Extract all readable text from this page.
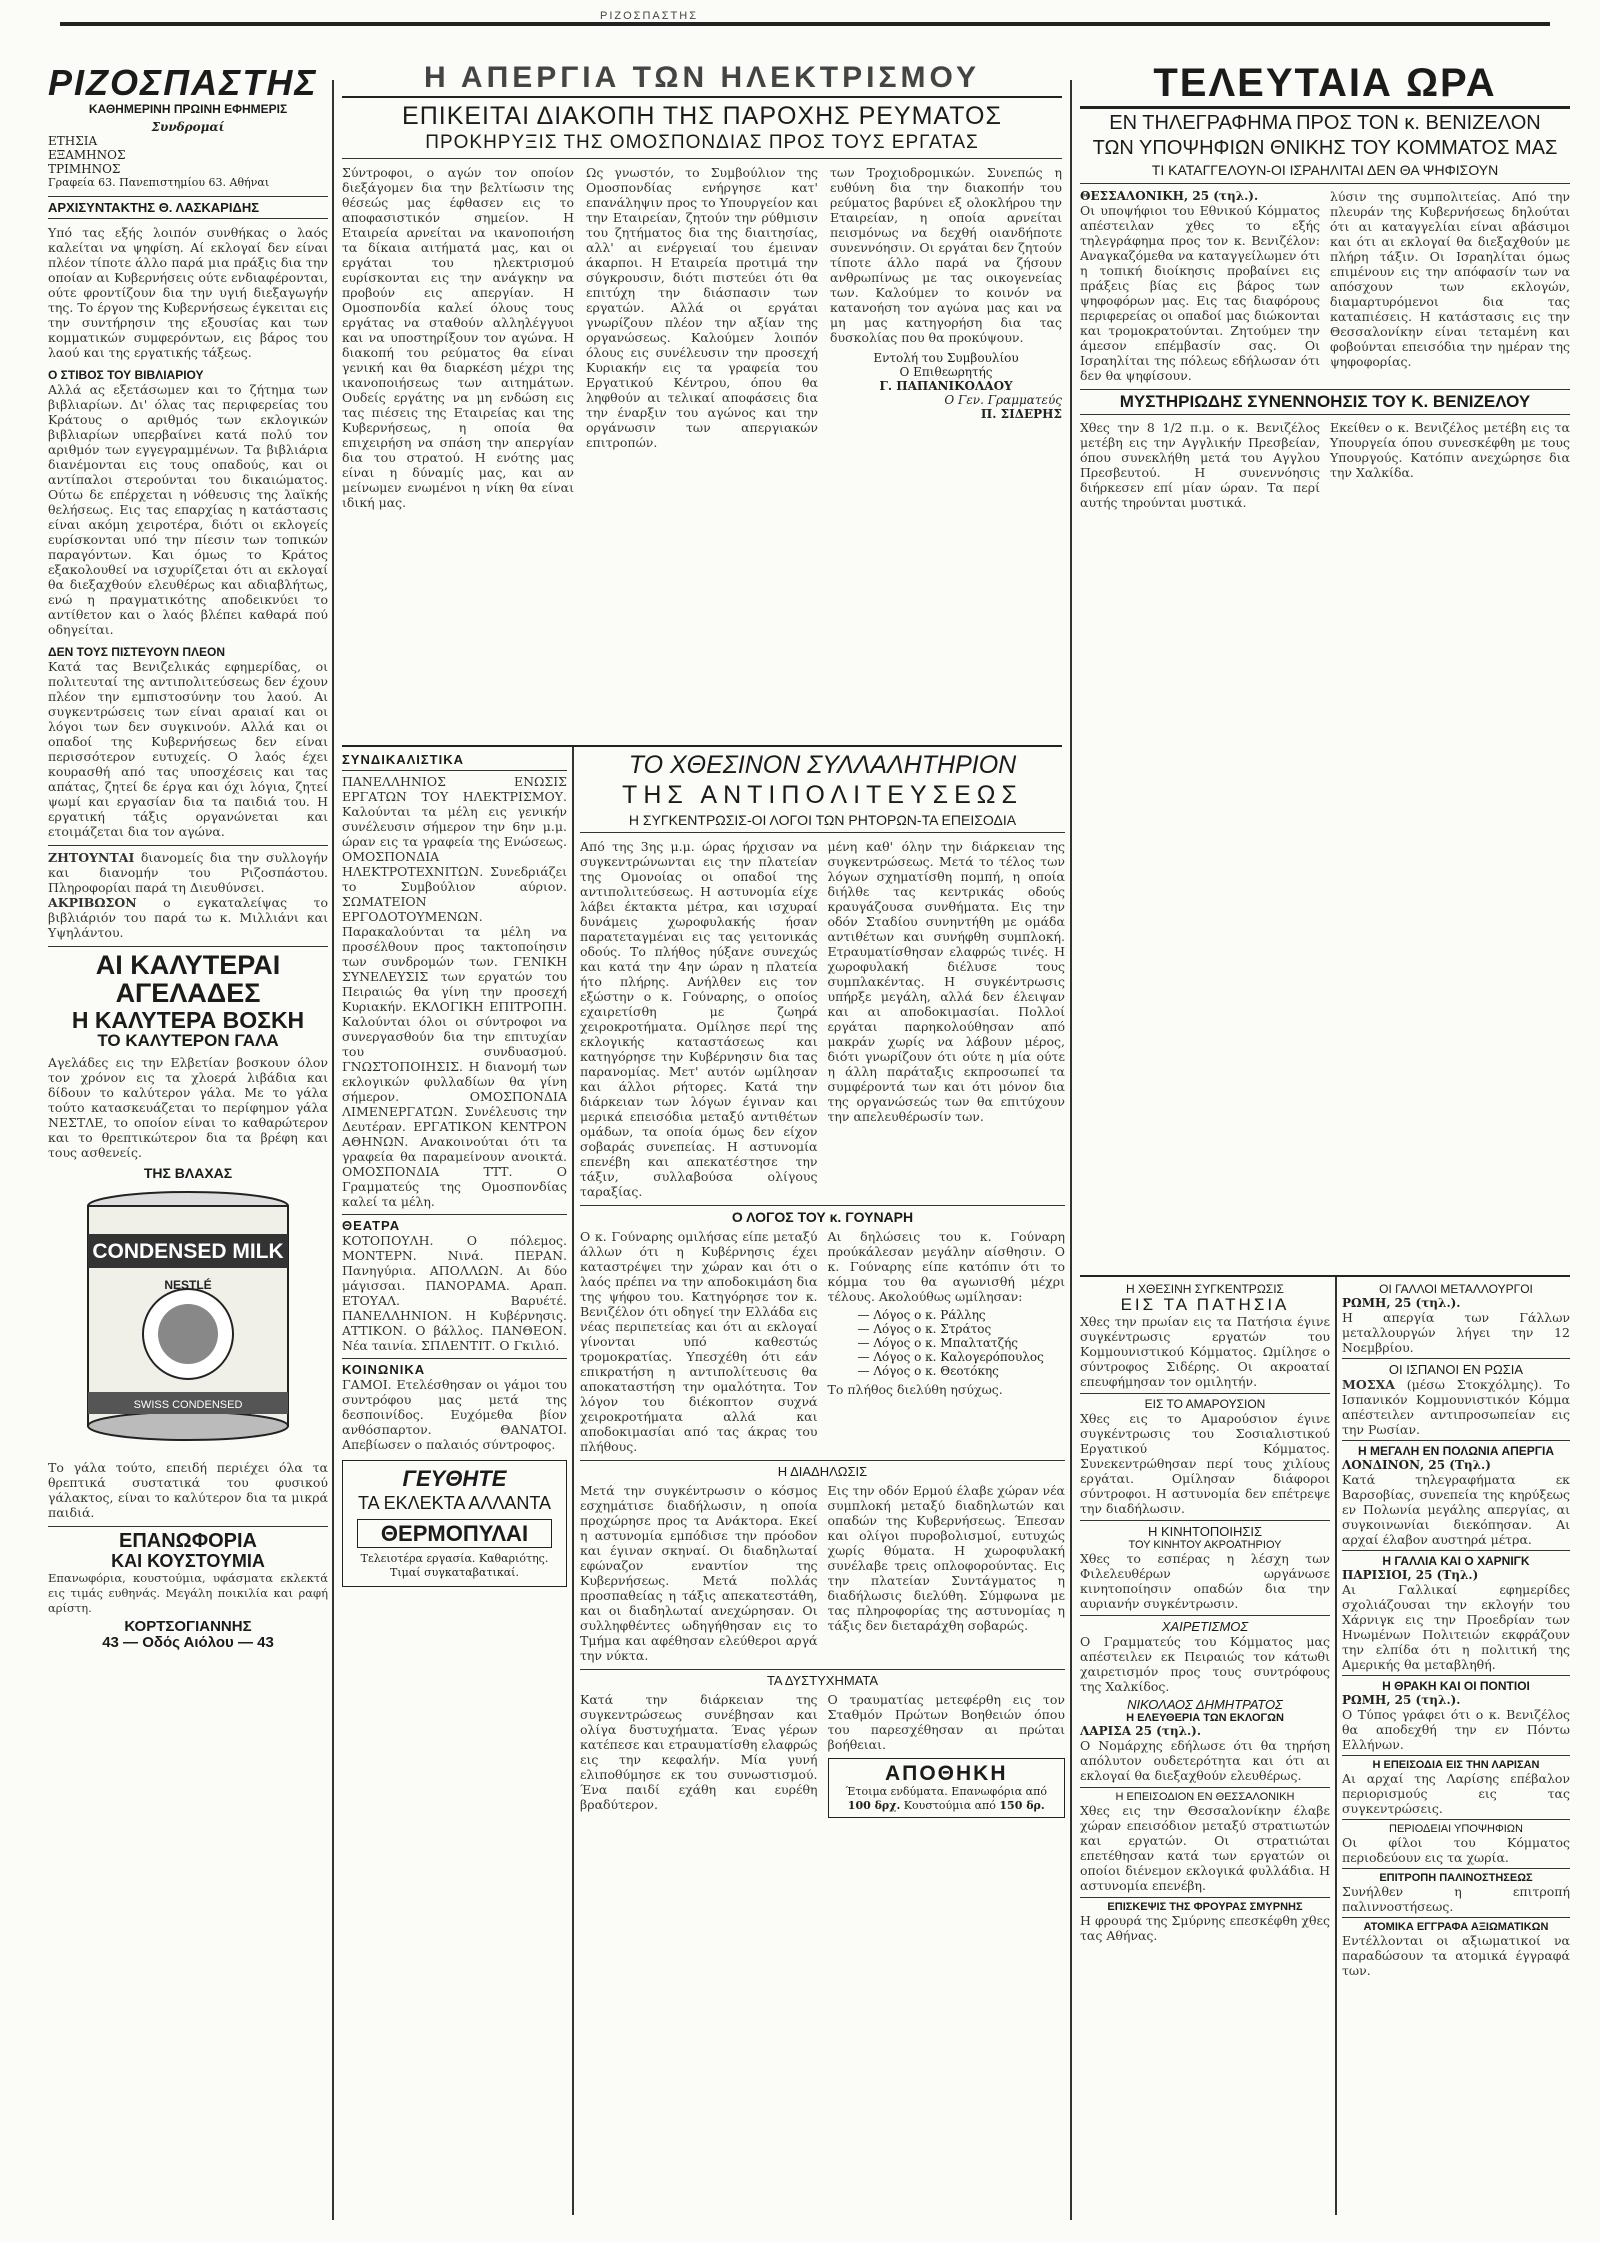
ΡΙΖΟΣΠΑΣΤΗΣ
ΡΙΖΟΣΠΑΣΤΗΣ
ΚΑΘΗΜΕΡΙΝΗ ΠΡΩΙΝΗ ΕΦΗΜΕΡΙΣ
Συνδρομαί
ΕΤΗΣΙΑ
ΕΞΑΜΗΝΟΣ
ΤΡΙΜΗΝΟΣ
Γραφεία 63. Πανεπιστημίου 63. Αθήναι
ΑΡΧΙΣΥΝΤΑΚΤΗΣ Θ. ΛΑΣΚΑΡΙΔΗΣ

Υπό τας εξής λοιπόν συνθήκας ο λαός καλείται να ψηφίση. Αί εκλογαί δεν είναι πλέον τίποτε άλλο παρά μια πράξις δια την οποίαν αι Κυβερνήσεις ούτε ενδιαφέρονται, ούτε φροντίζουν δια την υγιή διεξαγωγήν της. Το έργον της Κυβερνήσεως έγκειται εις την συντήρησιν της εξουσίας και των κομματικών συμφερόντων, εις βάρος του λαού και της εργατικής τάξεως.

Ο ΣΤΙΒΟΣ ΤΟΥ ΒΙΒΛΙΑΡΙΟΥ

Αλλά ας εξετάσωμεν και το ζήτημα των βιβλιαρίων. Δι' όλας τας περιφερείας του Κράτους ο αριθμός των εκλογικών βιβλιαρίων υπερβαίνει κατά πολύ τον αριθμόν των εγγεγραμμένων. Τα βιβλιάρια διανέμονται εις τους οπαδούς, και οι αντίπαλοι στερούνται του δικαιώματος. Ούτω δε επέρχεται η νόθευσις της λαϊκής θελήσεως. Εις τας επαρχίας η κατάστασις είναι ακόμη χειροτέρα, διότι οι εκλογείς ευρίσκονται υπό την πίεσιν των τοπικών παραγόντων. Και όμως το Κράτος εξακολουθεί να ισχυρίζεται ότι αι εκλογαί θα διεξαχθούν ελευθέρως και αδιαβλήτως, ενώ η πραγματικότης αποδεικνύει το αντίθετον και ο λαός βλέπει καθαρά πού οδηγείται.

ΔΕΝ ΤΟΥΣ ΠΙΣΤΕΥΟΥΝ ΠΛΕΟΝ

Κατά τας Βενιζελικάς εφημερίδας, οι πολιτευταί της αντιπολιτεύσεως δεν έχουν πλέον την εμπιστοσύνην του λαού. Αι συγκεντρώσεις των είναι αραιαί και οι λόγοι των δεν συγκινούν. Αλλά και οι οπαδοί της Κυβερνήσεως δεν είναι περισσότερον ευτυχείς. Ο λαός έχει κουρασθή από τας υποσχέσεις και τας απάτας, ζητεί δε έργα και όχι λόγια, ζητεί ψωμί και εργασίαν δια τα παιδιά του. Η εργατική τάξις οργανώνεται και ετοιμάζεται δια τον αγώνα.

ΖΗΤΟΥΝΤΑΙ διανομείς δια την συλλογήν και διανομήν του Ριζοσπάστου. Πληροφορίαι παρά τη Διευθύνσει.

ΑΚΡΙΒΩΣΟΝ ο εγκαταλείψας το βιβλιάριόν του παρά τω κ. Μιλλιάνι και Υψηλάντου.

ΑΙ ΚΑΛΥΤΕΡΑΙ ΑΓΕΛΑΔΕΣ
Η ΚΑΛΥΤΕΡΑ ΒΟΣΚΗ
ΤΟ ΚΑΛΥΤΕΡΟΝ ΓΑΛΑ

Αγελάδες εις την Ελβετίαν βοσκουν όλον τον χρόνον εις τα χλοερά λιβάδια και δίδουν το καλύτερον γάλα. Με το γάλα τούτο κατασκευάζεται το περίφημον γάλα ΝΕΣΤΛΕ, το οποίον είναι το καθαρώτερον και το θρεπτικώτερον δια τα βρέφη και τους ασθενείς.

ΤΗΣ ΒΛΑΧΑΣ
CONDENSED MILK
NESTLÉ
SWISS CONDENSED

Το γάλα τούτο, επειδή περιέχει όλα τα θρεπτικά συστατικά του φυσικού γάλακτος, είναι το καλύτερον δια τα μικρά παιδιά.

ΕΠΑΝΩΦΟΡΙΑ
ΚΑΙ ΚΟΥΣΤΟΥΜΙΑ

Επανωφόρια, κουστούμια, υφάσματα εκλεκτά εις τιμάς ευθηνάς. Μεγάλη ποικιλία και ραφή αρίστη.

ΚΟΡΤΣΟΓΙΑΝΝΗΣ
43 — Οδός Αιόλου — 43
Η ΑΠΕΡΓΙΑ ΤΩΝ ΗΛΕΚΤΡΙΣΜΟΥ
ΕΠΙΚΕΙΤΑΙ ΔΙΑΚΟΠΗ ΤΗΣ ΠΑΡΟΧΗΣ ΡΕΥΜΑΤΟΣ
ΠΡΟΚΗΡΥΞΙΣ ΤΗΣ ΟΜΟΣΠΟΝΔΙΑΣ ΠΡΟΣ ΤΟΥΣ ΕΡΓΑΤΑΣ

Σύντροφοι, ο αγών τον οποίον διεξάγομεν δια την βελτίωσιν της θέσεώς μας έφθασεν εις το αποφασιστικόν σημείον. Η Εταιρεία αρνείται να ικανοποιήση τα δίκαια αιτήματά μας, και οι εργάται του ηλεκτρισμού ευρίσκονται εις την ανάγκην να προβούν εις απεργίαν. Η Ομοσπονδία καλεί όλους τους εργάτας να σταθούν αλληλέγγυοι και να υποστηρίξουν τον αγώνα. Η διακοπή του ρεύματος θα είναι γενική και θα διαρκέση μέχρι της ικανοποιήσεως των αιτημάτων. Ουδείς εργάτης να μη ενδώση εις τας πιέσεις της Εταιρείας και της Κυβερνήσεως, η οποία θα επιχειρήση να σπάση την απεργίαν δια του στρατού. Η ενότης μας είναι η δύναμίς μας, και αν μείνωμεν ενωμένοι η νίκη θα είναι ιδική μας.

Ως γνωστόν, το Συμβούλιον της Ομοσπονδίας ενήργησε κατ' επανάληψιν προς το Υπουργείον και την Εταιρείαν, ζητούν την ρύθμισιν του ζητήματος δια της διαιτησίας, αλλ' αι ενέργειαί του έμειναν άκαρποι. Η Εταιρεία προτιμά την σύγκρουσιν, διότι πιστεύει ότι θα επιτύχη την διάσπασιν των εργατών. Αλλά οι εργάται γνωρίζουν πλέον την αξίαν της οργανώσεως. Καλούμεν λοιπόν όλους εις συνέλευσιν την προσεχή Κυριακήν εις τα γραφεία του Εργατικού Κέντρου, όπου θα ληφθούν αι τελικαί αποφάσεις δια την έναρξιν του αγώνος και την οργάνωσιν των απεργιακών επιτροπών.

των Τροχιοδρομικών. Συνεπώς η ευθύνη δια την διακοπήν του ρεύματος βαρύνει εξ ολοκλήρου την Εταιρείαν, η οποία αρνείται πεισμόνως να δεχθή οιανδήποτε συνεννόησιν. Οι εργάται δεν ζητούν τίποτε άλλο παρά να ζήσουν ανθρωπίνως με τας οικογενείας των. Καλούμεν το κοινόν να κατανοήση τον αγώνα μας και να μη μας κατηγορήση δια τας δυσκολίας που θα προκύψουν.

Εντολή του Συμβουλίου

Ο Επιθεωρητής

Γ. ΠΑΠΑΝΙΚΟΛΑΟΥ

Ο Γεν. Γραμματεύς

Π. ΣΙΔΕΡΗΣ

ΣΥΝΔΙΚΑΛΙΣΤΙΚΑ

ΠΑΝΕΛΛΗΝΙΟΣ ΕΝΩΣΙΣ ΕΡΓΑΤΩΝ ΤΟΥ ΗΛΕΚΤΡΙΣΜΟΥ. Καλούνται τα μέλη εις γενικήν συνέλευσιν σήμερον την 6ην μ.μ. ώραν εις τα γραφεία της Ενώσεως. ΟΜΟΣΠΟΝΔΙΑ ΗΛΕΚΤΡΟΤΕΧΝΙΤΩΝ. Συνεδριάζει το Συμβούλιον αύριον. ΣΩΜΑΤΕΙΟΝ ΕΡΓΟΔΟΤΟΥΜΕΝΩΝ. Παρακαλούνται τα μέλη να προσέλθουν προς τακτοποίησιν των συνδρομών των. ΓΕΝΙΚΗ ΣΥΝΕΛΕΥΣΙΣ των εργατών του Πειραιώς θα γίνη την προσεχή Κυριακήν. ΕΚΛΟΓΙΚΗ ΕΠΙΤΡΟΠΗ. Καλούνται όλοι οι σύντροφοι να συνεργασθούν δια την επιτυχίαν του συνδυασμού. ΓΝΩΣΤΟΠΟΙΗΣΙΣ. Η διανομή των εκλογικών φυλλαδίων θα γίνη σήμερον. ΟΜΟΣΠΟΝΔΙΑ ΛΙΜΕΝΕΡΓΑΤΩΝ. Συνέλευσις την Δευτέραν. ΕΡΓΑΤΙΚΟΝ ΚΕΝΤΡΟΝ ΑΘΗΝΩΝ. Ανακοινούται ότι τα γραφεία θα παραμείνουν ανοικτά. ΟΜΟΣΠΟΝΔΙΑ ΤΤΤ. Ο Γραμματεύς της Ομοσπονδίας καλεί τα μέλη.

ΘΕΑΤΡΑ

ΚΟΤΟΠΟΥΛΗ. Ο πόλεμος. ΜΟΝΤΕΡΝ. Νινά. ΠΕΡΑΝ. Πανηγύρια. ΑΠΟΛΛΩΝ. Αι δύο μάγισσαι. ΠΑΝΟΡΑΜΑ. Αραπ. ΕΤΟΥΑΛ. Βαρυέτέ. ΠΑΝΕΛΛΗΝΙΟΝ. Η Κυβέρνησις. ΑΤΤΙΚΟΝ. Ο βάλλος. ΠΑΝΘΕΟΝ. Νέα ταινία. ΣΠΛΕΝΤΙΤ. Ο Γκιλιό.

ΚΟΙΝΩΝΙΚΑ

ΓΑΜΟΙ. Ετελέσθησαν οι γάμοι του συντρόφου μας μετά της δεσποινίδος. Ευχόμεθα βίον ανθόσπαρτον. ΘΑΝΑΤΟΙ. Απεβίωσεν ο παλαιός σύντροφος.

ΓΕΥΘΗΤΕ
ΤΑ ΕΚΛΕΚΤΑ ΑΛΛΑΝΤΑ
ΘΕΡΜΟΠΥΛΑΙ

Τελειοτέρα εργασία. Καθαριότης. Τιμαί συγκαταβατικαί.

ΤΟ ΧΘΕΣΙΝΟΝ ΣΥΛΛΑΛΗΤΗΡΙΟΝ
ΤΗΣ ΑΝΤΙΠΟΛΙΤΕΥΣΕΩΣ
Η ΣΥΓΚΕΝΤΡΩΣΙΣ-ΟΙ ΛΟΓΟΙ ΤΩΝ ΡΗΤΟΡΩΝ-ΤΑ ΕΠΕΙΣΟΔΙΑ

Από της 3ης μ.μ. ώρας ήρχισαν να συγκεντρώνωνται εις την πλατείαν της Ομονοίας οι οπαδοί της αντιπολιτεύσεως. Η αστυνομία είχε λάβει έκτακτα μέτρα, και ισχυραί δυνάμεις χωροφυλακής ήσαν παρατεταγμέναι εις τας γειτονικάς οδούς. Το πλήθος ηύξανε συνεχώς και κατά την 4ην ώραν η πλατεία ήτο πλήρης. Ανήλθεν εις τον εξώστην ο κ. Γούναρης, ο οποίος εχαιρετίσθη με ζωηρά χειροκροτήματα. Ομίλησε περί της εκλογικής καταστάσεως και κατηγόρησε την Κυβέρνησιν δια τας παρανομίας. Μετ' αυτόν ωμίλησαν και άλλοι ρήτορες. Κατά την διάρκειαν των λόγων έγιναν και μερικά επεισόδια μεταξύ αντιθέτων ομάδων, τα οποία όμως δεν είχον σοβαράς συνεπείας. Η αστυνομία επενέβη και απεκατέστησε την τάξιν, συλλαβούσα ολίγους ταραξίας.

μένη καθ' όλην την διάρκειαν της συγκεντρώσεως. Μετά το τέλος των λόγων σχηματίσθη πομπή, η οποία διήλθε τας κεντρικάς οδούς κραυγάζουσα συνθήματα. Εις την οδόν Σταδίου συνηντήθη με ομάδα αντιθέτων και συνήφθη συμπλοκή. Ετραυματίσθησαν ελαφρώς τινές. Η χωροφυλακή διέλυσε τους συμπλακέντας. Η συγκέντρωσις υπήρξε μεγάλη, αλλά δεν έλειψαν και αι αποδοκιμασίαι. Πολλοί εργάται παρηκολούθησαν από μακράν χωρίς να λάβουν μέρος, διότι γνωρίζουν ότι ούτε η μία ούτε η άλλη παράταξις εκπροσωπεί τα συμφέροντά των και ότι μόνον δια της οργανώσεώς των θα επιτύχουν την απελευθέρωσίν των.

Ο ΛΟΓΟΣ ΤΟΥ κ. ΓΟΥΝΑΡΗ

Ο κ. Γούναρης ομιλήσας είπε μεταξύ άλλων ότι η Κυβέρνησις έχει καταστρέψει την χώραν και ότι ο λαός πρέπει να την αποδοκιμάση δια της ψήφου του. Κατηγόρησε τον κ. Βενιζέλον ότι οδηγεί την Ελλάδα εις νέας περιπετείας και ότι αι εκλογαί γίνονται υπό καθεστώς τρομοκρατίας. Υπεσχέθη ότι εάν επικρατήση η αντιπολίτευσις θα αποκαταστήση την ομαλότητα. Τον λόγον του διέκοπτον συχνά χειροκροτήματα αλλά και αποδοκιμασίαι από τας άκρας του πλήθους.

Αι δηλώσεις του κ. Γούναρη προύκάλεσαν μεγάλην αίσθησιν. Ο κ. Γούναρης είπε κατόπιν ότι το κόμμα του θα αγωνισθή μέχρι τέλους. Ακολούθως ωμίλησαν:

— Λόγος ο κ. Ράλλης
— Λόγος ο κ. Στράτος
— Λόγος ο κ. Μπαλτατζής
— Λόγος ο κ. Καλογερόπουλος
— Λόγος ο κ. Θεοτόκης

Το πλήθος διελύθη ησύχως.

Η ΔΙΑΔΗΛΩΣΙΣ

Μετά την συγκέντρωσιν ο κόσμος εσχημάτισε διαδήλωσιν, η οποία προχώρησε προς τα Ανάκτορα. Εκεί η αστυνομία εμπόδισε την πρόοδον και έγιναν σκηναί. Οι διαδηλωταί εφώναζον εναντίον της Κυβερνήσεως. Μετά πολλάς προσπαθείας η τάξις απεκατεστάθη, και οι διαδηλωταί ανεχώρησαν. Οι συλληφθέντες ωδηγήθησαν εις το Τμήμα και αφέθησαν ελεύθεροι αργά την νύκτα.

Εις την οδόν Ερμού έλαβε χώραν νέα συμπλοκή μεταξύ διαδηλωτών και οπαδών της Κυβερνήσεως. Έπεσαν και ολίγοι πυροβολισμοί, ευτυχώς χωρίς θύματα. Η χωροφυλακή συνέλαβε τρεις οπλοφορούντας. Εις την πλατείαν Συντάγματος η διαδήλωσις διελύθη. Σύμφωνα με τας πληροφορίας της αστυνομίας η τάξις δεν διεταράχθη σοβαρώς.

ΤΑ ΔΥΣΤΥΧΗΜΑΤΑ

Κατά την διάρκειαν της συγκεντρώσεως συνέβησαν και ολίγα δυστυχήματα. Ένας γέρων κατέπεσε και ετραυματίσθη ελαφρώς εις την κεφαλήν. Μία γυνή ελιποθύμησε εκ του συνωστισμού. Ένα παιδί εχάθη και ευρέθη βραδύτερον.

Ο τραυματίας μετεφέρθη εις τον Σταθμόν Πρώτων Βοηθειών όπου του παρεσχέθησαν αι πρώται βοήθειαι.

ΑΠΟΘΗΚΗ

Έτοιμα ενδύματα. Επανωφόρια από 100 δρχ. Κουστούμια από 150 δρ.

ΤΕΛΕΥΤΑΙΑ ΩΡΑ
ΕΝ ΤΗΛΕΓΡΑΦΗΜΑ ΠΡΟΣ ΤΟΝ κ. ΒΕΝΙΖΕΛΟΝ
ΤΩΝ ΥΠΟΨΗΦΙΩΝ ΘΝΙΚΗΣ ΤΟΥ ΚΟΜΜΑΤΟΣ ΜΑΣ
ΤΙ ΚΑΤΑΓΓΕΛΟΥΝ-ΟΙ ΙΣΡΑΗΛΙΤΑΙ ΔΕΝ ΘΑ ΨΗΦΙΣΟΥΝ

ΘΕΣΣΑΛΟΝΙΚΗ, 25 (τηλ.).

Οι υποψήφιοι του Εθνικού Κόμματος απέστειλαν χθες το εξής τηλεγράφημα προς τον κ. Βενιζέλον: Αναγκαζόμεθα να καταγγείλωμεν ότι η τοπική διοίκησις προβαίνει εις πράξεις βίας εις βάρος των ψηφοφόρων μας. Εις τας διαφόρους περιφερείας οι οπαδοί μας διώκονται και τρομοκρατούνται. Ζητούμεν την άμεσον επέμβασίν σας. Οι Ισραηλίται της πόλεως εδήλωσαν ότι δεν θα ψηφίσουν.

λύσιν της συμπολιτείας. Από την πλευράν της Κυβερνήσεως δηλούται ότι αι καταγγελίαι είναι αβάσιμοι και ότι αι εκλογαί θα διεξαχθούν με πλήρη τάξιν. Οι Ισραηλίται όμως επιμένουν εις την απόφασίν των να απόσχουν των εκλογών, διαμαρτυρόμενοι δια τας καταπιέσεις. Η κατάστασις εις την Θεσσαλονίκην είναι τεταμένη και φοβούνται επεισόδια την ημέραν της ψηφοφορίας.

ΜΥΣΤΗΡΙΩΔΗΣ ΣΥΝΕΝΝΟΗΣΙΣ ΤΟΥ Κ. ΒΕΝΙΖΕΛΟΥ

Χθες την 8 1/2 π.μ. ο κ. Βενιζέλος μετέβη εις την Αγγλικήν Πρεσβείαν, όπου συνεκλήθη μετά του Αγγλου Πρεσβευτού. Η συνεννόησις διήρκεσεν επί μίαν ώραν. Τα περί αυτής τηρούνται μυστικά.

Εκείθεν ο κ. Βενιζέλος μετέβη εις τα Υπουργεία όπου συνεσκέφθη με τους Υπουργούς. Κατόπιν ανεχώρησε δια την Χαλκίδα.

Η ΧΘΕΣΙΝΗ ΣΥΓΚΕΝΤΡΩΣΙΣ
ΕΙΣ ΤΑ ΠΑΤΗΣΙΑ

Χθες την πρωίαν εις τα Πατήσια έγινε συγκέντρωσις εργατών του Κομμουνιστικού Κόμματος. Ωμίλησε ο σύντροφος Σιδέρης. Οι ακροαταί επευφήμησαν τον ομιλητήν.

ΕΙΣ ΤΟ ΑΜΑΡΟΥΣΙΟΝ

Χθες εις το Αμαρούσιον έγινε συγκέντρωσις του Σοσιαλιστικού Εργατικού Κόμματος. Συνεκεντρώθησαν περί τους χιλίους εργάται. Ομίλησαν διάφοροι σύντροφοι. Η αστυνομία δεν επέτρεψε την διαδήλωσιν.

Η ΚΙΝΗΤΟΠΟΙΗΣΙΣ
ΤΟΥ ΚΙΝΗΤΟΥ ΑΚΡΟΑΤΗΡΙΟΥ

Χθες το εσπέρας η λέσχη των Φιλελευθέρων ωργάνωσε κινητοποίησιν οπαδών δια την αυριανήν συγκέντρωσιν.

ΧΑΙΡΕΤΙΣΜΟΣ

Ο Γραμματεύς του Κόμματος μας απέστειλεν εκ Πειραιώς τον κάτωθι χαιρετισμόν προς τους συντρόφους της Χαλκίδος.

ΝΙΚΟΛΑΟΣ ΔΗΜΗΤΡΑΤΟΣ
Η ΕΛΕΥΘΕΡΙΑ ΤΩΝ ΕΚΛΟΓΩΝ

ΛΑΡΙΣΑ 25 (τηλ.).

Ο Νομάρχης εδήλωσε ότι θα τηρήση απόλυτον ουδετερότητα και ότι αι εκλογαί θα διεξαχθούν ελευθέρως.

Η ΕΠΕΙΣΟΔΙΟΝ ΕΝ ΘΕΣΣΑΛΟΝΙΚΗ

Χθες εις την Θεσσαλονίκην έλαβε χώραν επεισόδιον μεταξύ στρατιωτών και εργατών. Οι στρατιώται επετέθησαν κατά των εργατών οι οποίοι διένεμον εκλογικά φυλλάδια. Η αστυνομία επενέβη.

ΕΠΙΣΚΕΨΙΣ ΤΗΣ ΦΡΟΥΡΑΣ ΣΜΥΡΝΗΣ

Η φρουρά της Σμύρνης επεσκέφθη χθες τας Αθήνας.

ΟΙ ΓΑΛΛΟΙ ΜΕΤΑΛΛΟΥΡΓΟΙ

ΡΩΜΗ, 25 (τηλ.).

Η απεργία των Γάλλων μεταλλουργών λήγει την 12 Νοεμβρίου.

ΟΙ ΙΣΠΑΝΟΙ ΕΝ ΡΩΣΙΑ

ΜΟΣΧΑ (μέσω Στοκχόλμης). Το Ισπανικόν Κομμουνιστικόν Κόμμα απέστειλεν αντιπροσωπείαν εις την Ρωσίαν.

Η ΜΕΓΑΛΗ ΕΝ ΠΟΛΩΝΙΑ ΑΠΕΡΓΙΑ

ΛΟΝΔΙΝΟΝ, 25 (Τηλ.)

Κατά τηλεγραφήματα εκ Βαρσοβίας, συνεπεία της κηρύξεως εν Πολωνία μεγάλης απεργίας, αι συγκοινωνίαι διεκόπησαν. Αι αρχαί έλαβον αυστηρά μέτρα.

Η ΓΑΛΛΙΑ ΚΑΙ Ο ΧΑΡΝΙΓΚ

ΠΑΡΙΣΙΟΙ, 25 (Τηλ.)

Αι Γαλλικαί εφημερίδες σχολιάζουσαι την εκλογήν του Χάρνιγκ εις την Προεδρίαν των Ηνωμένων Πολιτειών εκφράζουν την ελπίδα ότι η πολιτική της Αμερικής θα μεταβληθή.

Η ΘΡΑΚΗ ΚΑΙ ΟΙ ΠΟΝΤΙΟΙ

ΡΩΜΗ, 25 (τηλ.).

Ο Τύπος γράφει ότι ο κ. Βενιζέλος θα αποδεχθή την εν Πόντω Ελλήνων.

Η ΕΠΕΙΣΟΔΙΑ ΕΙΣ ΤΗΝ ΛΑΡΙΣΑΝ

Αι αρχαί της Λαρίσης επέβαλον περιορισμούς εις τας συγκεντρώσεις.

ΠΕΡΙΟΔΕΙΑΙ ΥΠΟΨΗΦΙΩΝ

Οι φίλοι του Κόμματος περιοδεύουν εις τα χωρία.

ΕΠΙΤΡΟΠΗ ΠΑΛΙΝΟΣΤΗΣΕΩΣ

Συνήλθεν η επιτροπή παλιννοστήσεως.

ΑΤΟΜΙΚΑ ΕΓΓΡΑΦΑ ΑΞΙΩΜΑΤΙΚΩΝ

Εντέλλονται οι αξιωματικοί να παραδώσουν τα ατομικά έγγραφά των.
